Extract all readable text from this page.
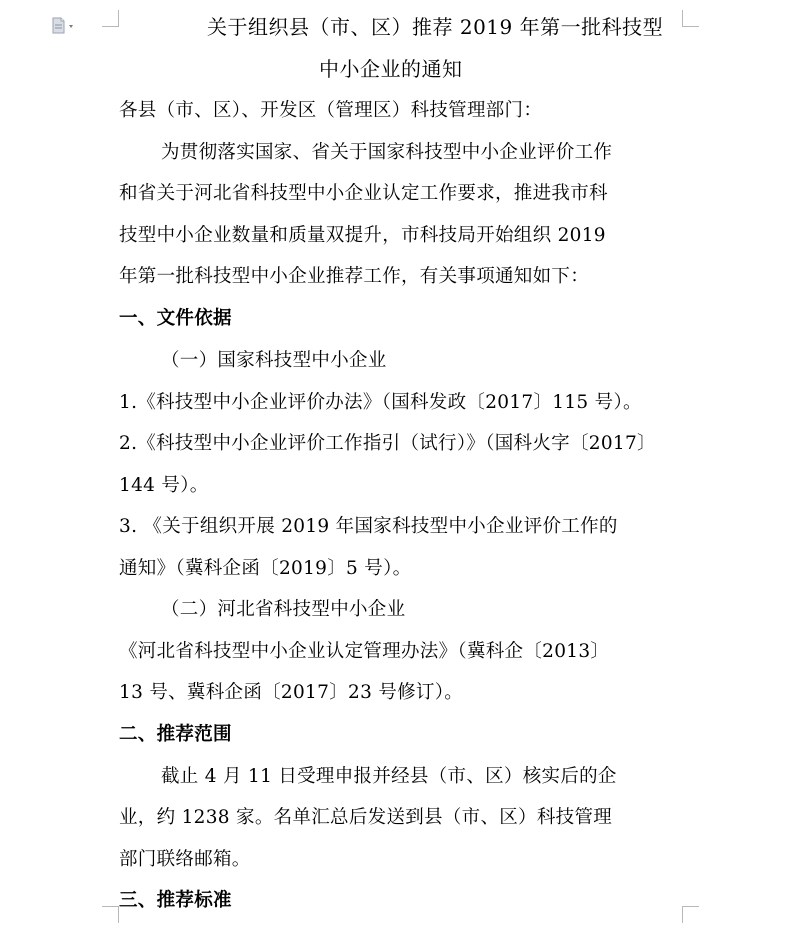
关于组织县（市、区）推荐 2019 年第一批科技型
中小企业的通知
各县（市、区）、开发区（管理区）科技管理部门：
为贯彻落实国家、省关于国家科技型中小企业评价工作
和省关于河北省科技型中小企业认定工作要求，推进我市科
技型中小企业数量和质量双提升，市科技局开始组织 2019
年第一批科技型中小企业推荐工作，有关事项通知如下：
一、文件依据
（一）国家科技型中小企业
1.《科技型中小企业评价办法》（国科发政〔2017〕115 号）。
2.《科技型中小企业评价工作指引（试行）》（国科火字〔2017〕
144 号）。
3. 《关于组织开展 2019 年国家科技型中小企业评价工作的
通知》（冀科企函〔2019〕5 号）。
（二）河北省科技型中小企业
《河北省科技型中小企业认定管理办法》（冀科企〔2013〕
13 号、冀科企函〔2017〕23 号修订）。
二、推荐范围
截止 4 月 11 日受理申报并经县（市、区）核实后的企
业，约 1238 家。名单汇总后发送到县（市、区）科技管理
部门联络邮箱。
三、推荐标准
